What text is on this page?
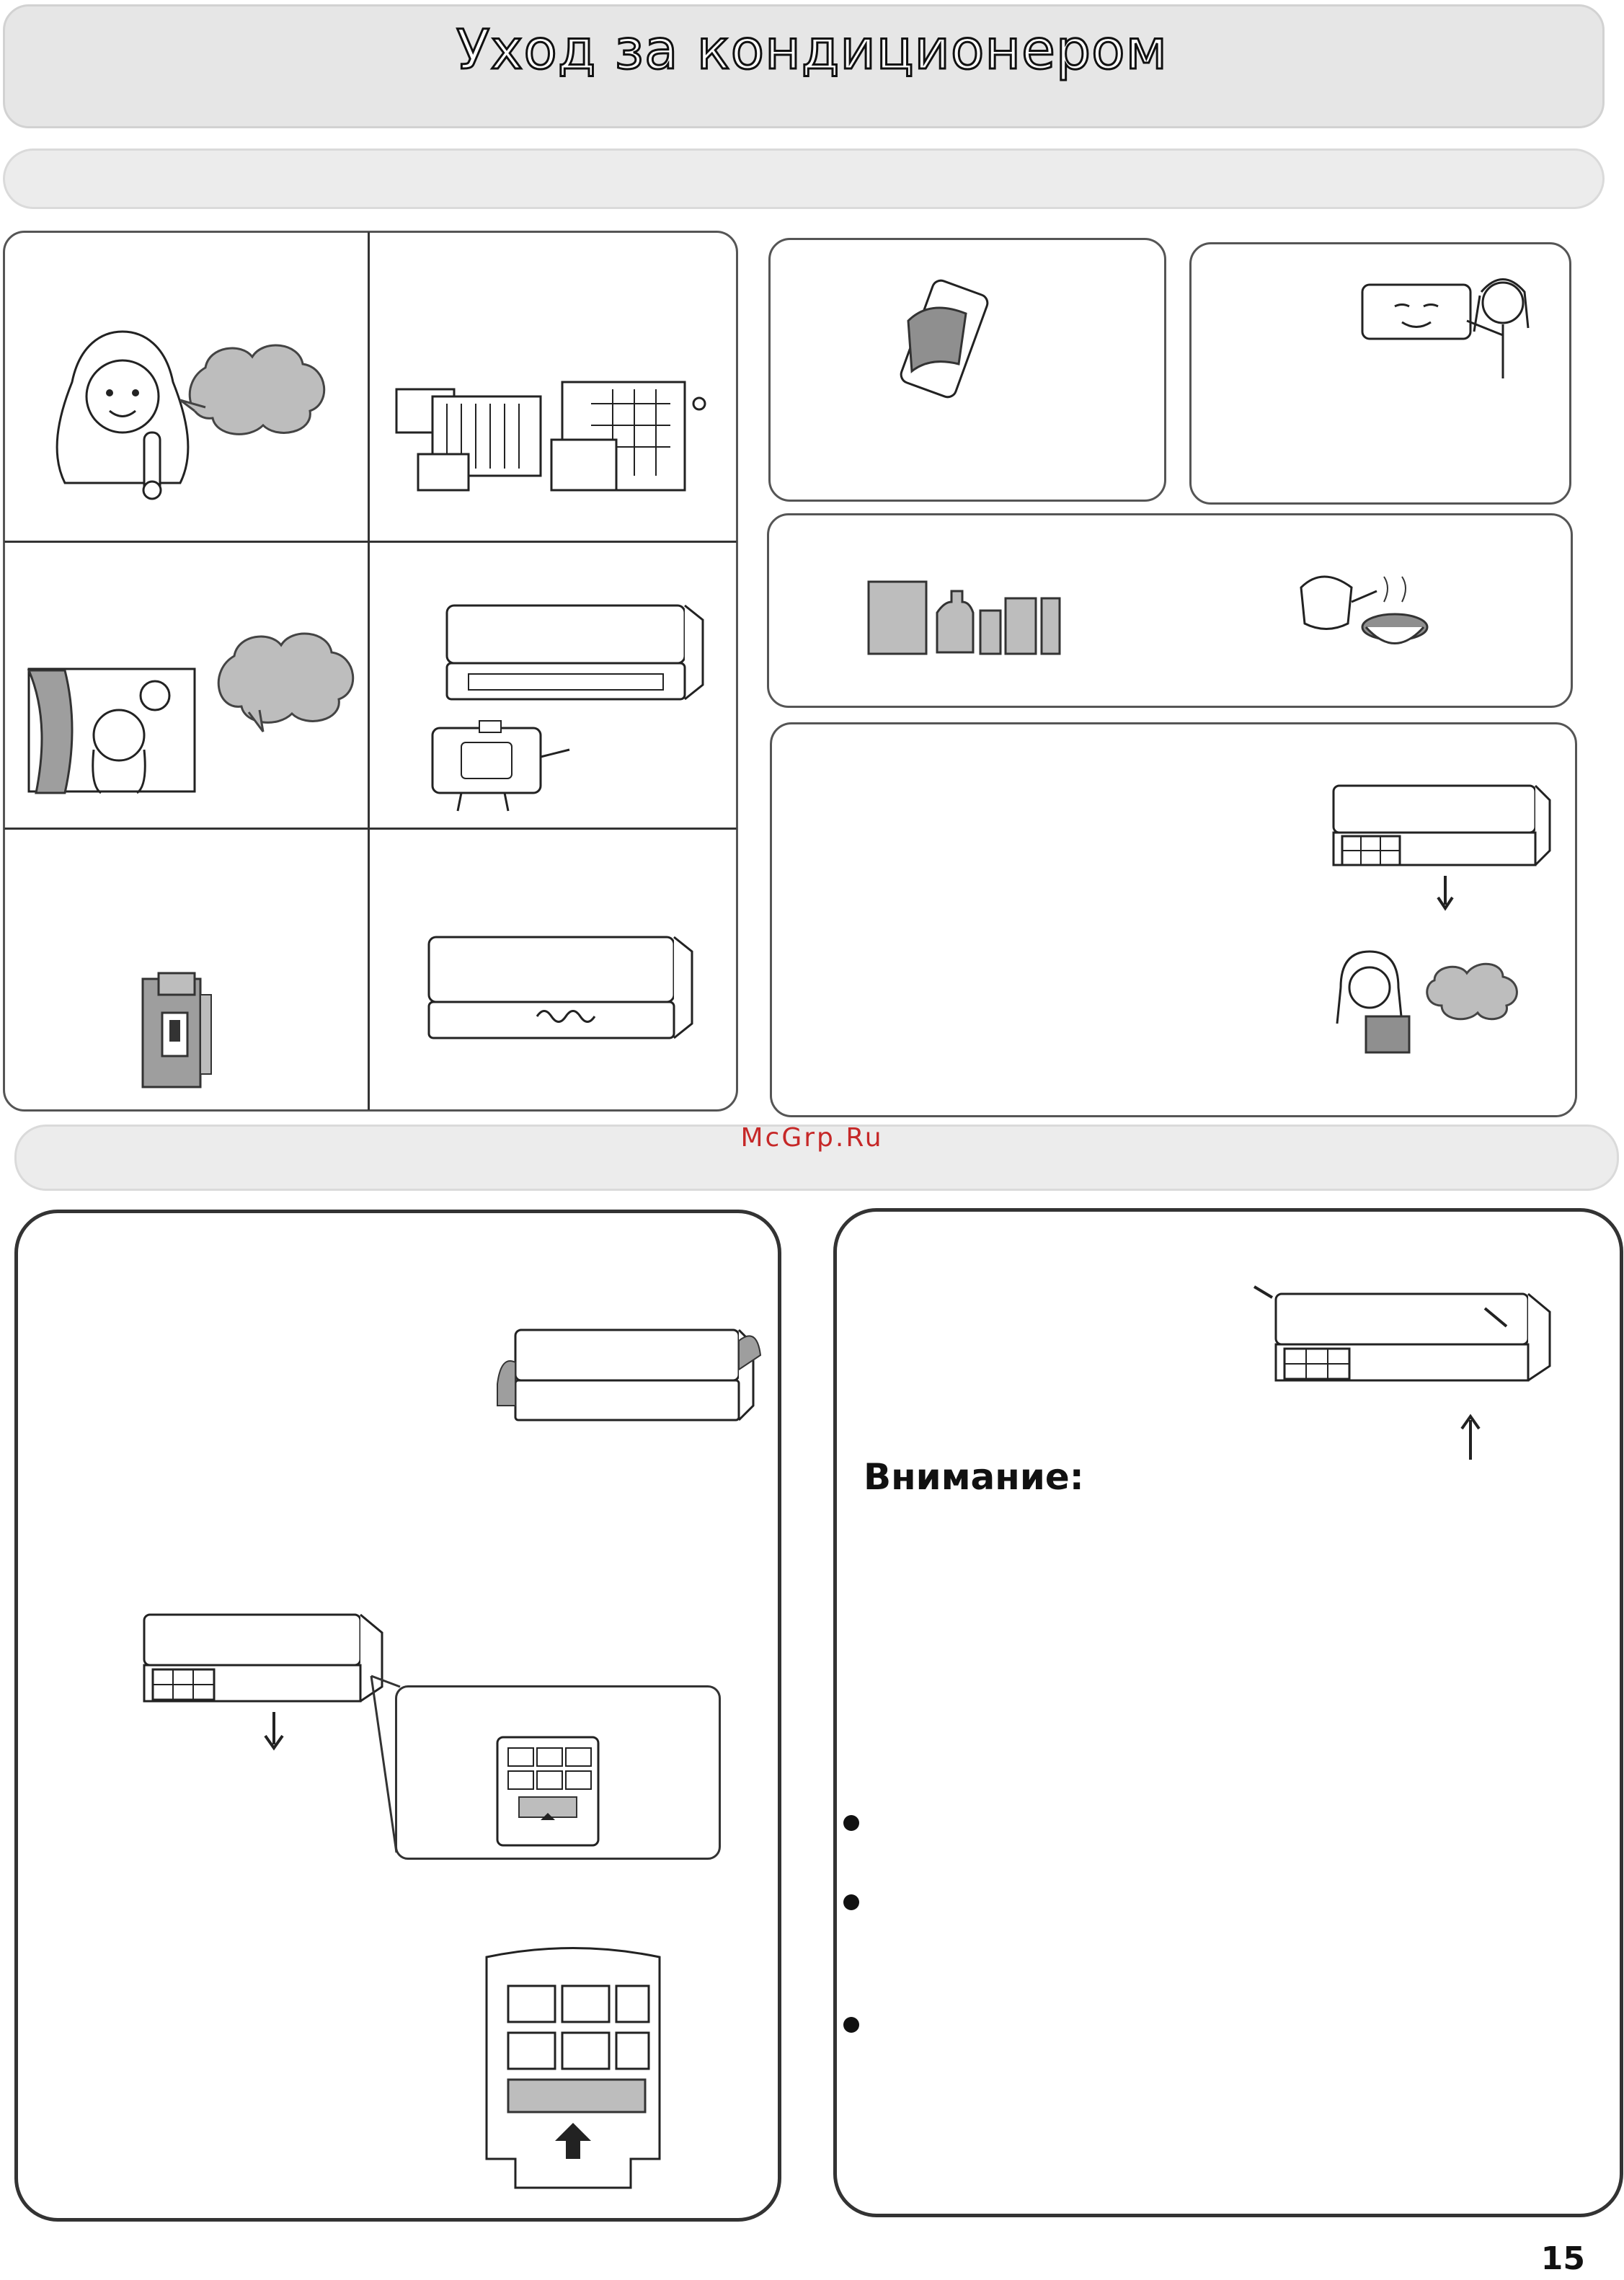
Уход за кондиционером
McGrp.Ru
Внимание:
15
